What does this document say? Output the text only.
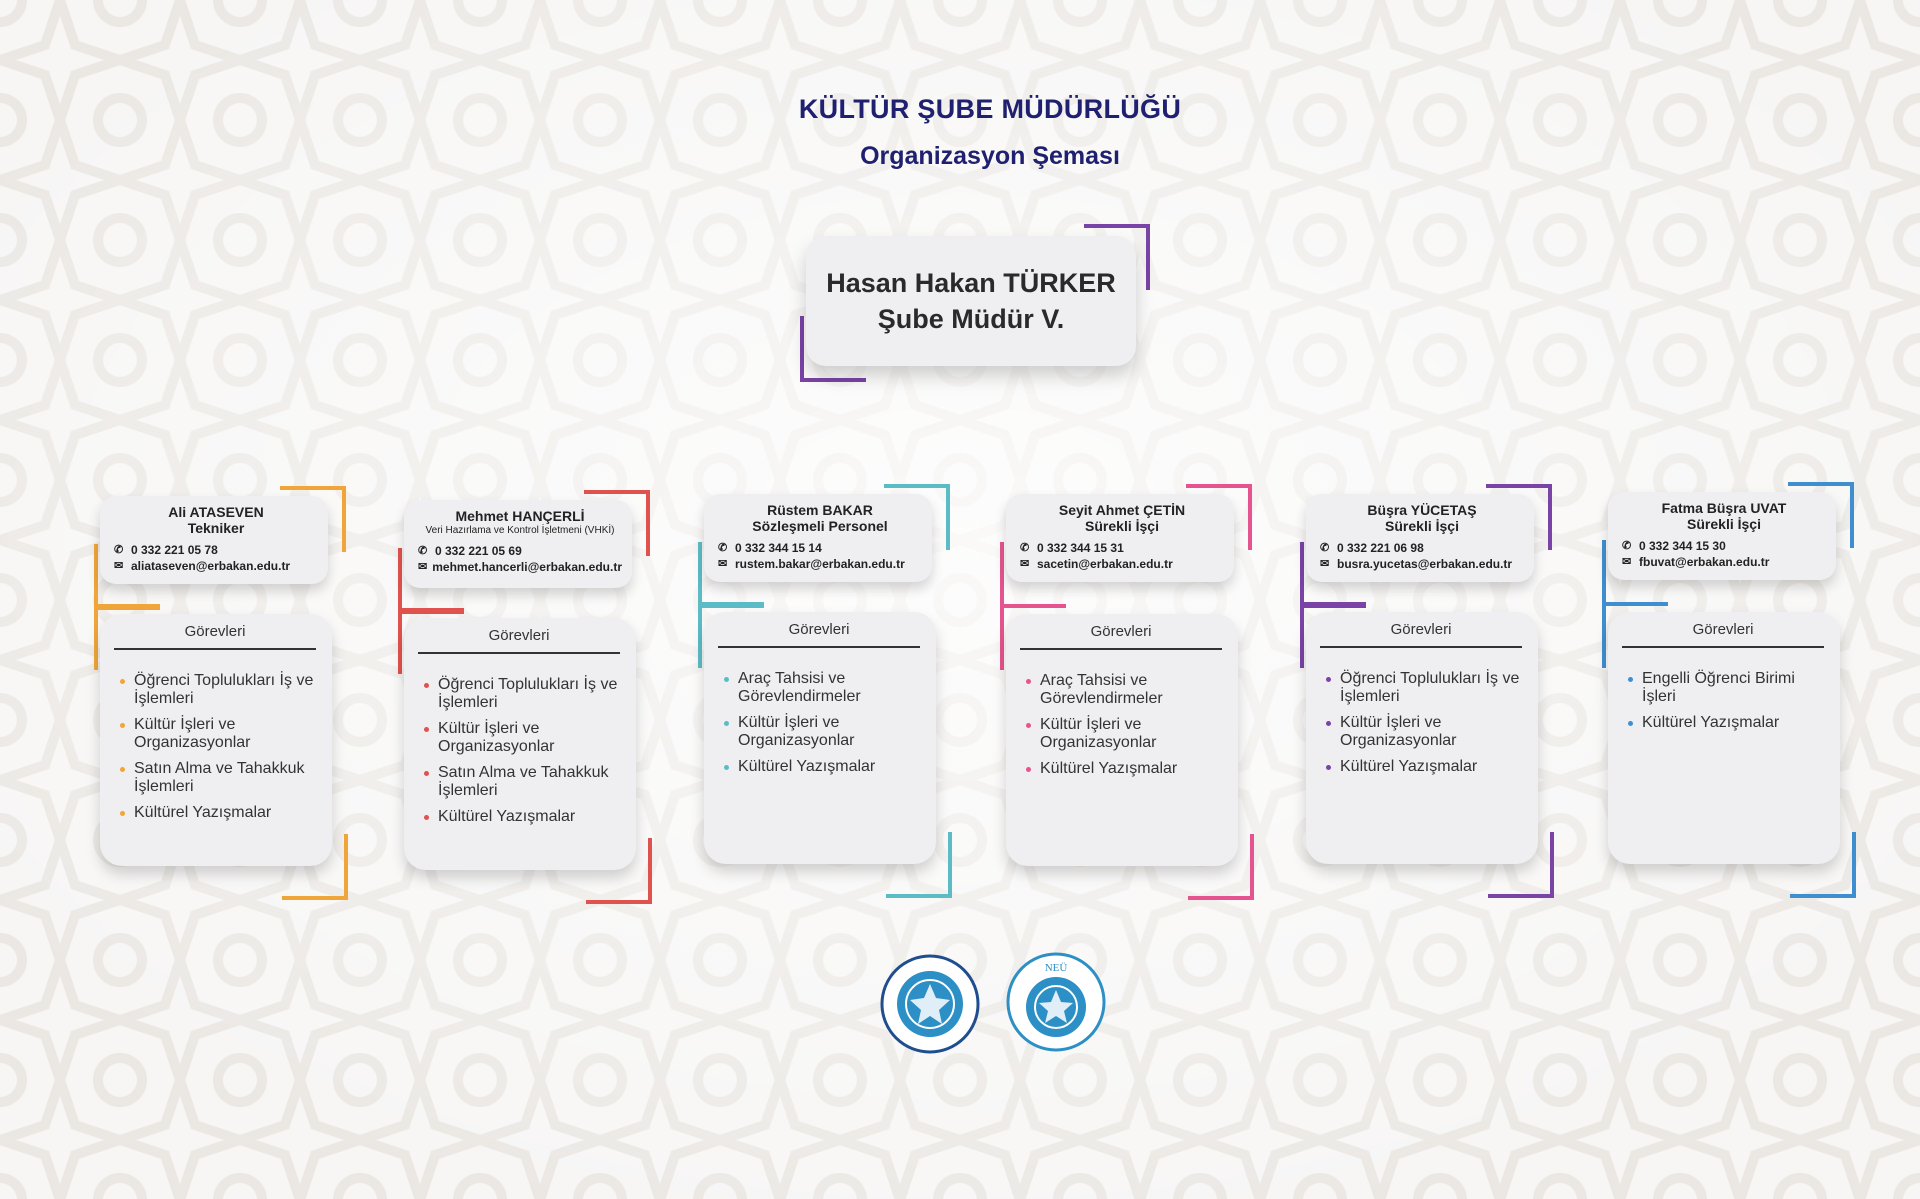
KÜLTÜR ŞUBE MÜDÜRLÜĞÜ
Organizasyon Şeması
Hasan Hakan TÜRKER
Şube Müdür V.
Ali ATASEVEN
Tekniker
✆ 0 332 221 05 78
✉ aliataseven@erbakan.edu.tr
Görevleri
Öğrenci Toplulukları İş ve İşlemleri
Kültür İşleri ve Organizasyonlar
Satın Alma ve Tahakkuk İşlemleri
Kültürel Yazışmalar
Mehmet HANÇERLİ
Veri Hazırlama ve Kontrol İşletmeni (VHKİ)
✆ 0 332 221 05 69
✉ mehmet.hancerli@erbakan.edu.tr
Görevleri
Öğrenci Toplulukları İş ve İşlemleri
Kültür İşleri ve Organizasyonlar
Satın Alma ve Tahakkuk İşlemleri
Kültürel Yazışmalar
Rüstem BAKAR
Sözleşmeli Personel
✆ 0 332 344 15 14
✉ rustem.bakar@erbakan.edu.tr
Görevleri
Araç Tahsisi ve Görevlendirmeler
Kültür İşleri ve Organizasyonlar
Kültürel Yazışmalar
Seyit Ahmet ÇETİN
Sürekli İşçi
✆ 0 332 344 15 31
✉ sacetin@erbakan.edu.tr
Görevleri
Araç Tahsisi ve Görevlendirmeler
Kültür İşleri ve Organizasyonlar
Kültürel Yazışmalar
Büşra YÜCETAŞ
Sürekli İşçi
✆ 0 332 221 06 98
✉ busra.yucetas@erbakan.edu.tr
Görevleri
Öğrenci Toplulukları İş ve İşlemleri
Kültür İşleri ve Organizasyonlar
Kültürel Yazışmalar
Fatma Büşra UVAT
Sürekli İşçi
✆ 0 332 344 15 30
✉ fbuvat@erbakan.edu.tr
Görevleri
Engelli Öğrenci Birimi İşleri
Kültürel Yazışmalar
NEÜ
